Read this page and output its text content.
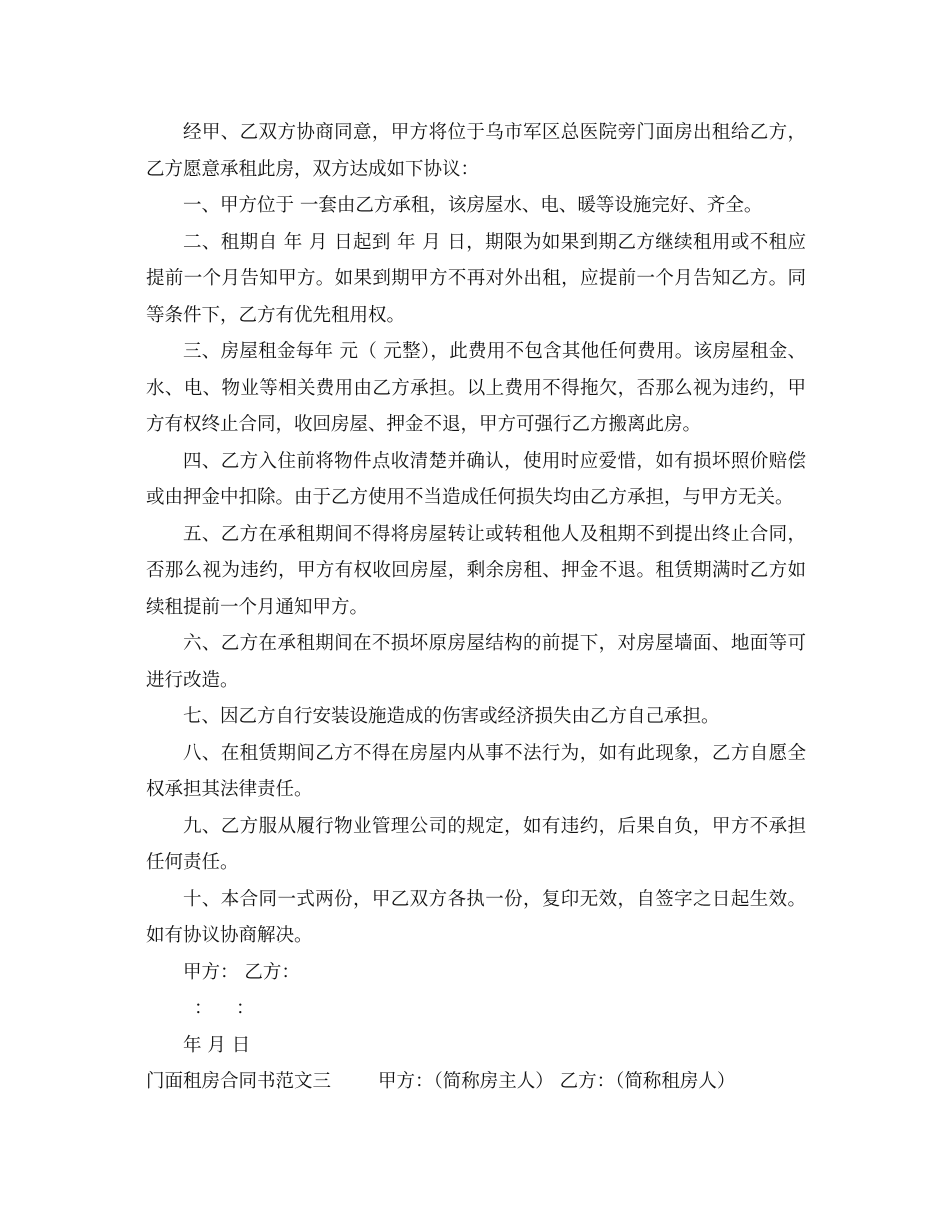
经甲、乙双方协商同意，甲方将位于乌市军区总医院旁门面房出租给乙方，乙方愿意承租此房，双方达成如下协议：

一、甲方位于 一套由乙方承租，该房屋水、电、暖等设施完好、齐全。

二、租期自 年 月 日起到 年 月 日，期限为如果到期乙方继续租用或不租应提前一个月告知甲方。如果到期甲方不再对外出租，应提前一个月告知乙方。同等条件下，乙方有优先租用权。

三、房屋租金每年 元（ 元整），此费用不包含其他任何费用。该房屋租金、水、电、物业等相关费用由乙方承担。以上费用不得拖欠，否那么视为违约，甲方有权终止合同，收回房屋、押金不退，甲方可强行乙方搬离此房。

四、乙方入住前将物件点收清楚并确认，使用时应爱惜，如有损坏照价赔偿或由押金中扣除。由于乙方使用不当造成任何损失均由乙方承担，与甲方无关。

五、乙方在承租期间不得将房屋转让或转租他人及租期不到提出终止合同，否那么视为违约，甲方有权收回房屋，剩余房租、押金不退。租赁期满时乙方如续租提前一个月通知甲方。

六、乙方在承租期间在不损坏原房屋结构的前提下，对房屋墙面、地面等可进行改造。

七、因乙方自行安装设施造成的伤害或经济损失由乙方自己承担。

八、在租赁期间乙方不得在房屋内从事不法行为，如有此现象，乙方自愿全权承担其法律责任。

九、乙方服从履行物业管理公司的规定，如有违约，后果自负，甲方不承担任何责任。

十、本合同一式两份，甲乙双方各执一份，复印无效，自签字之日起生效。如有协议协商解决。

甲方： 乙方：

：    ：

年 月 日

门面租房合同书范文三        甲方：（简称房主人） 乙方：（简称租房人）
